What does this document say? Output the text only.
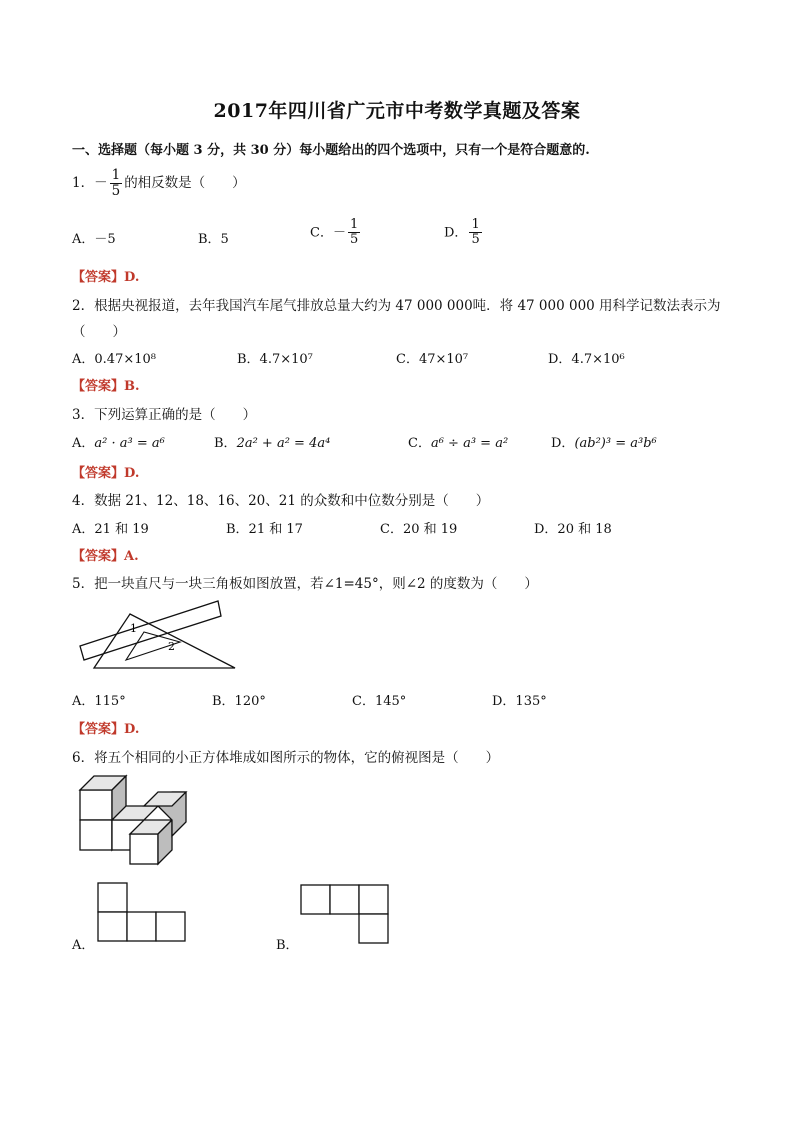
2017年四川省广元市中考数学真题及答案
一、选择题（每小题 3 分，共 30 分）每小题给出的四个选项中，只有一个是符合题意的.
1．－ $\frac{1}{5}$ 的相反数是（　　）
A．－5	B．5	C．－ $\frac{1}{5}$	D． $\frac{1}{5}$
【答案】D.
2．根据央视报道，去年我国汽车尾气排放总量大约为 47 000 000吨．将 47 000 000 用科学记数法表示为
（　　）
A．0.47×10⁸	B．4.7×10⁷	C．47×10⁷	D．4.7×10⁶
【答案】B.
3．下列运算正确的是（　　）
A．a² · a³ = a⁶	B．2a² + a² = 4a⁴	C．a⁶ ÷ a³ = a²	D．(ab²)³ = a³b⁶
【答案】D.
4．数据 21、12、18、16、20、21 的众数和中位数分别是（　　）
A．21 和 19	B．21 和 17	C．20 和 19	D．20 和 18
【答案】A.
5．把一块直尺与一块三角板如图放置，若∠1=45°，则∠2 的度数为（　　）
1
2
A．115°	B．120°	C．145°	D．135°
【答案】D.
6．将五个相同的小正方体堆成如图所示的物体，它的俯视图是（　　）
A．	B．
